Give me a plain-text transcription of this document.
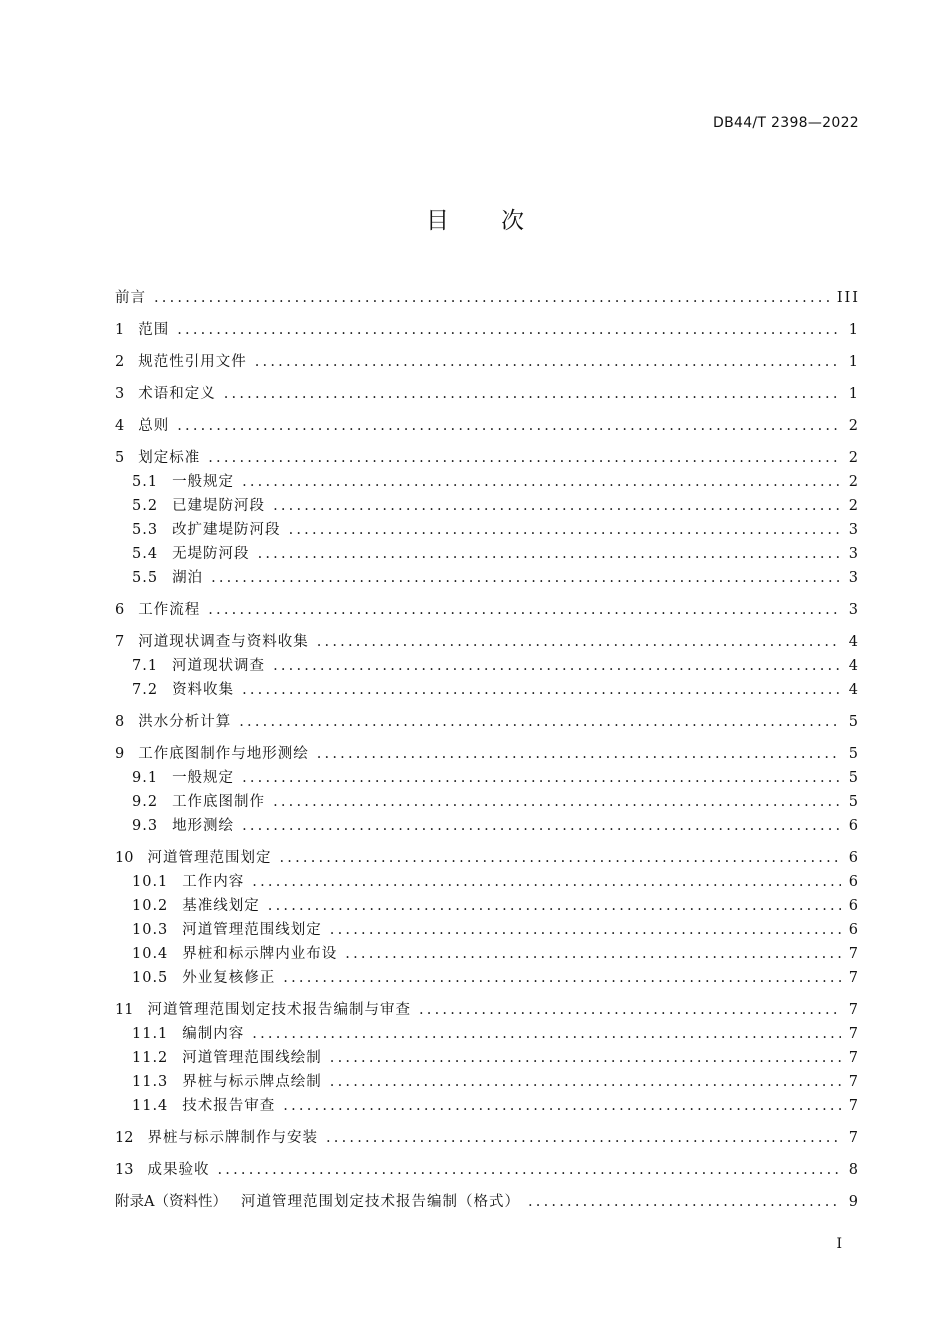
DB44/T 2398—2022
目 次
前言 .....	III
1 范围 .....	1
2 规范性引用文件 .....	1
3 术语和定义 .....	1
4 总则 .....	2
5 划定标准 .....	2
5.1 一般规定 .....	2
5.2 已建堤防河段 .....	2
5.3 改扩建堤防河段 .....	3
5.4 无堤防河段 .....	3
5.5 湖泊 .....	3
6 工作流程 .....	3
7 河道现状调查与资料收集 .....	4
7.1 河道现状调查 .....	4
7.2 资料收集 .....	4
8 洪水分析计算 .....	5
9 工作底图制作与地形测绘 .....	5
9.1 一般规定 .....	5
9.2 工作底图制作 .....	5
9.3 地形测绘 .....	6
10 河道管理范围划定 .....	6
10.1 工作内容 .....	6
10.2 基准线划定 .....	6
10.3 河道管理范围线划定 .....	6
10.4 界桩和标示牌内业布设 .....	7
10.5 外业复核修正 .....	7
11 河道管理范围划定技术报告编制与审查 .....	7
11.1 编制内容 .....	7
11.2 河道管理范围线绘制 .....	7
11.3 界桩与标示牌点绘制 .....	7
11.4 技术报告审查 .....	7
12 界桩与标示牌制作与安装 .....	7
13 成果验收 .....	8
附录A（资料性） 河道管理范围划定技术报告编制（格式） .....	9
I
